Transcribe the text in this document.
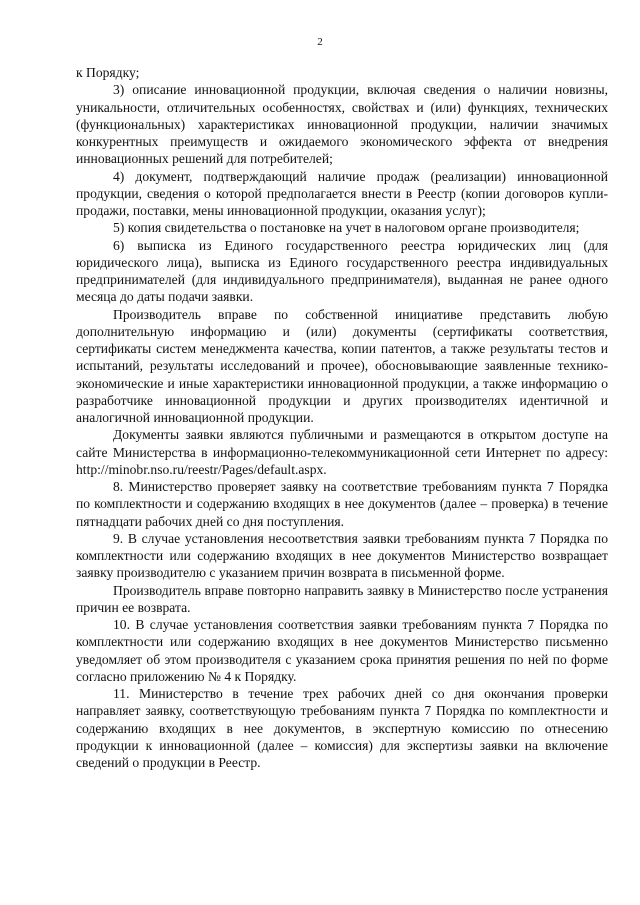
2

к Порядку;

3) описание инновационной продукции, включая сведения о наличии новизны, уникальности, отличительных особенностях, свойствах и (или) функциях, технических (функциональных) характеристиках инновационной продукции, наличии значимых конкурентных преимуществ и ожидаемого экономического эффекта от внедрения инновационных решений для потребителей;

4) документ, подтверждающий наличие продаж (реализации) инновационной продукции, сведения о которой предполагается внести в Реестр (копии договоров купли-продажи, поставки, мены инновационной продукции, оказания услуг);

5) копия свидетельства о постановке на учет в налоговом органе производителя;

6) выписка из Единого государственного реестра юридических лиц (для юридического лица), выписка из Единого государственного реестра индивидуальных предпринимателей (для индивидуального предпринимателя), выданная не ранее одного месяца до даты подачи заявки.

Производитель вправе по собственной инициативе представить любую дополнительную информацию и (или) документы (сертификаты соответствия, сертификаты систем менеджмента качества, копии патентов, а также результаты тестов и испытаний, результаты исследований и прочее), обосновывающие заявленные технико-экономические и иные характеристики инновационной продукции, а также информацию о разработчике инновационной продукции и других производителях идентичной и аналогичной инновационной продукции.

Документы заявки являются публичными и размещаются в открытом доступе на сайте Министерства в информационно-телекоммуникационной сети Интернет по адресу: http://minobr.nso.ru/reestr/Pages/default.aspx.

8. Министерство проверяет заявку на соответствие требованиям пункта 7 Порядка по комплектности и содержанию входящих в нее документов (далее – проверка) в течение пятнадцати рабочих дней со дня поступления.

9. В случае установления несоответствия заявки требованиям пункта 7 Порядка по комплектности или содержанию входящих в нее документов Министерство возвращает заявку производителю с указанием причин возврата в письменной форме.

Производитель вправе повторно направить заявку в Министерство после устранения причин ее возврата.

10. В случае установления соответствия заявки требованиям пункта 7 Порядка по комплектности или содержанию входящих в нее документов Министерство письменно уведомляет об этом производителя с указанием срока принятия решения по ней по форме согласно приложению № 4 к Порядку.

11. Министерство в течение трех рабочих дней со дня окончания проверки направляет заявку, соответствующую требованиям пункта 7 Порядка по комплектности и содержанию входящих в нее документов, в экспертную комиссию по отнесению продукции к инновационной (далее – комиссия) для экспертизы заявки на включение сведений о продукции в Реестр.
